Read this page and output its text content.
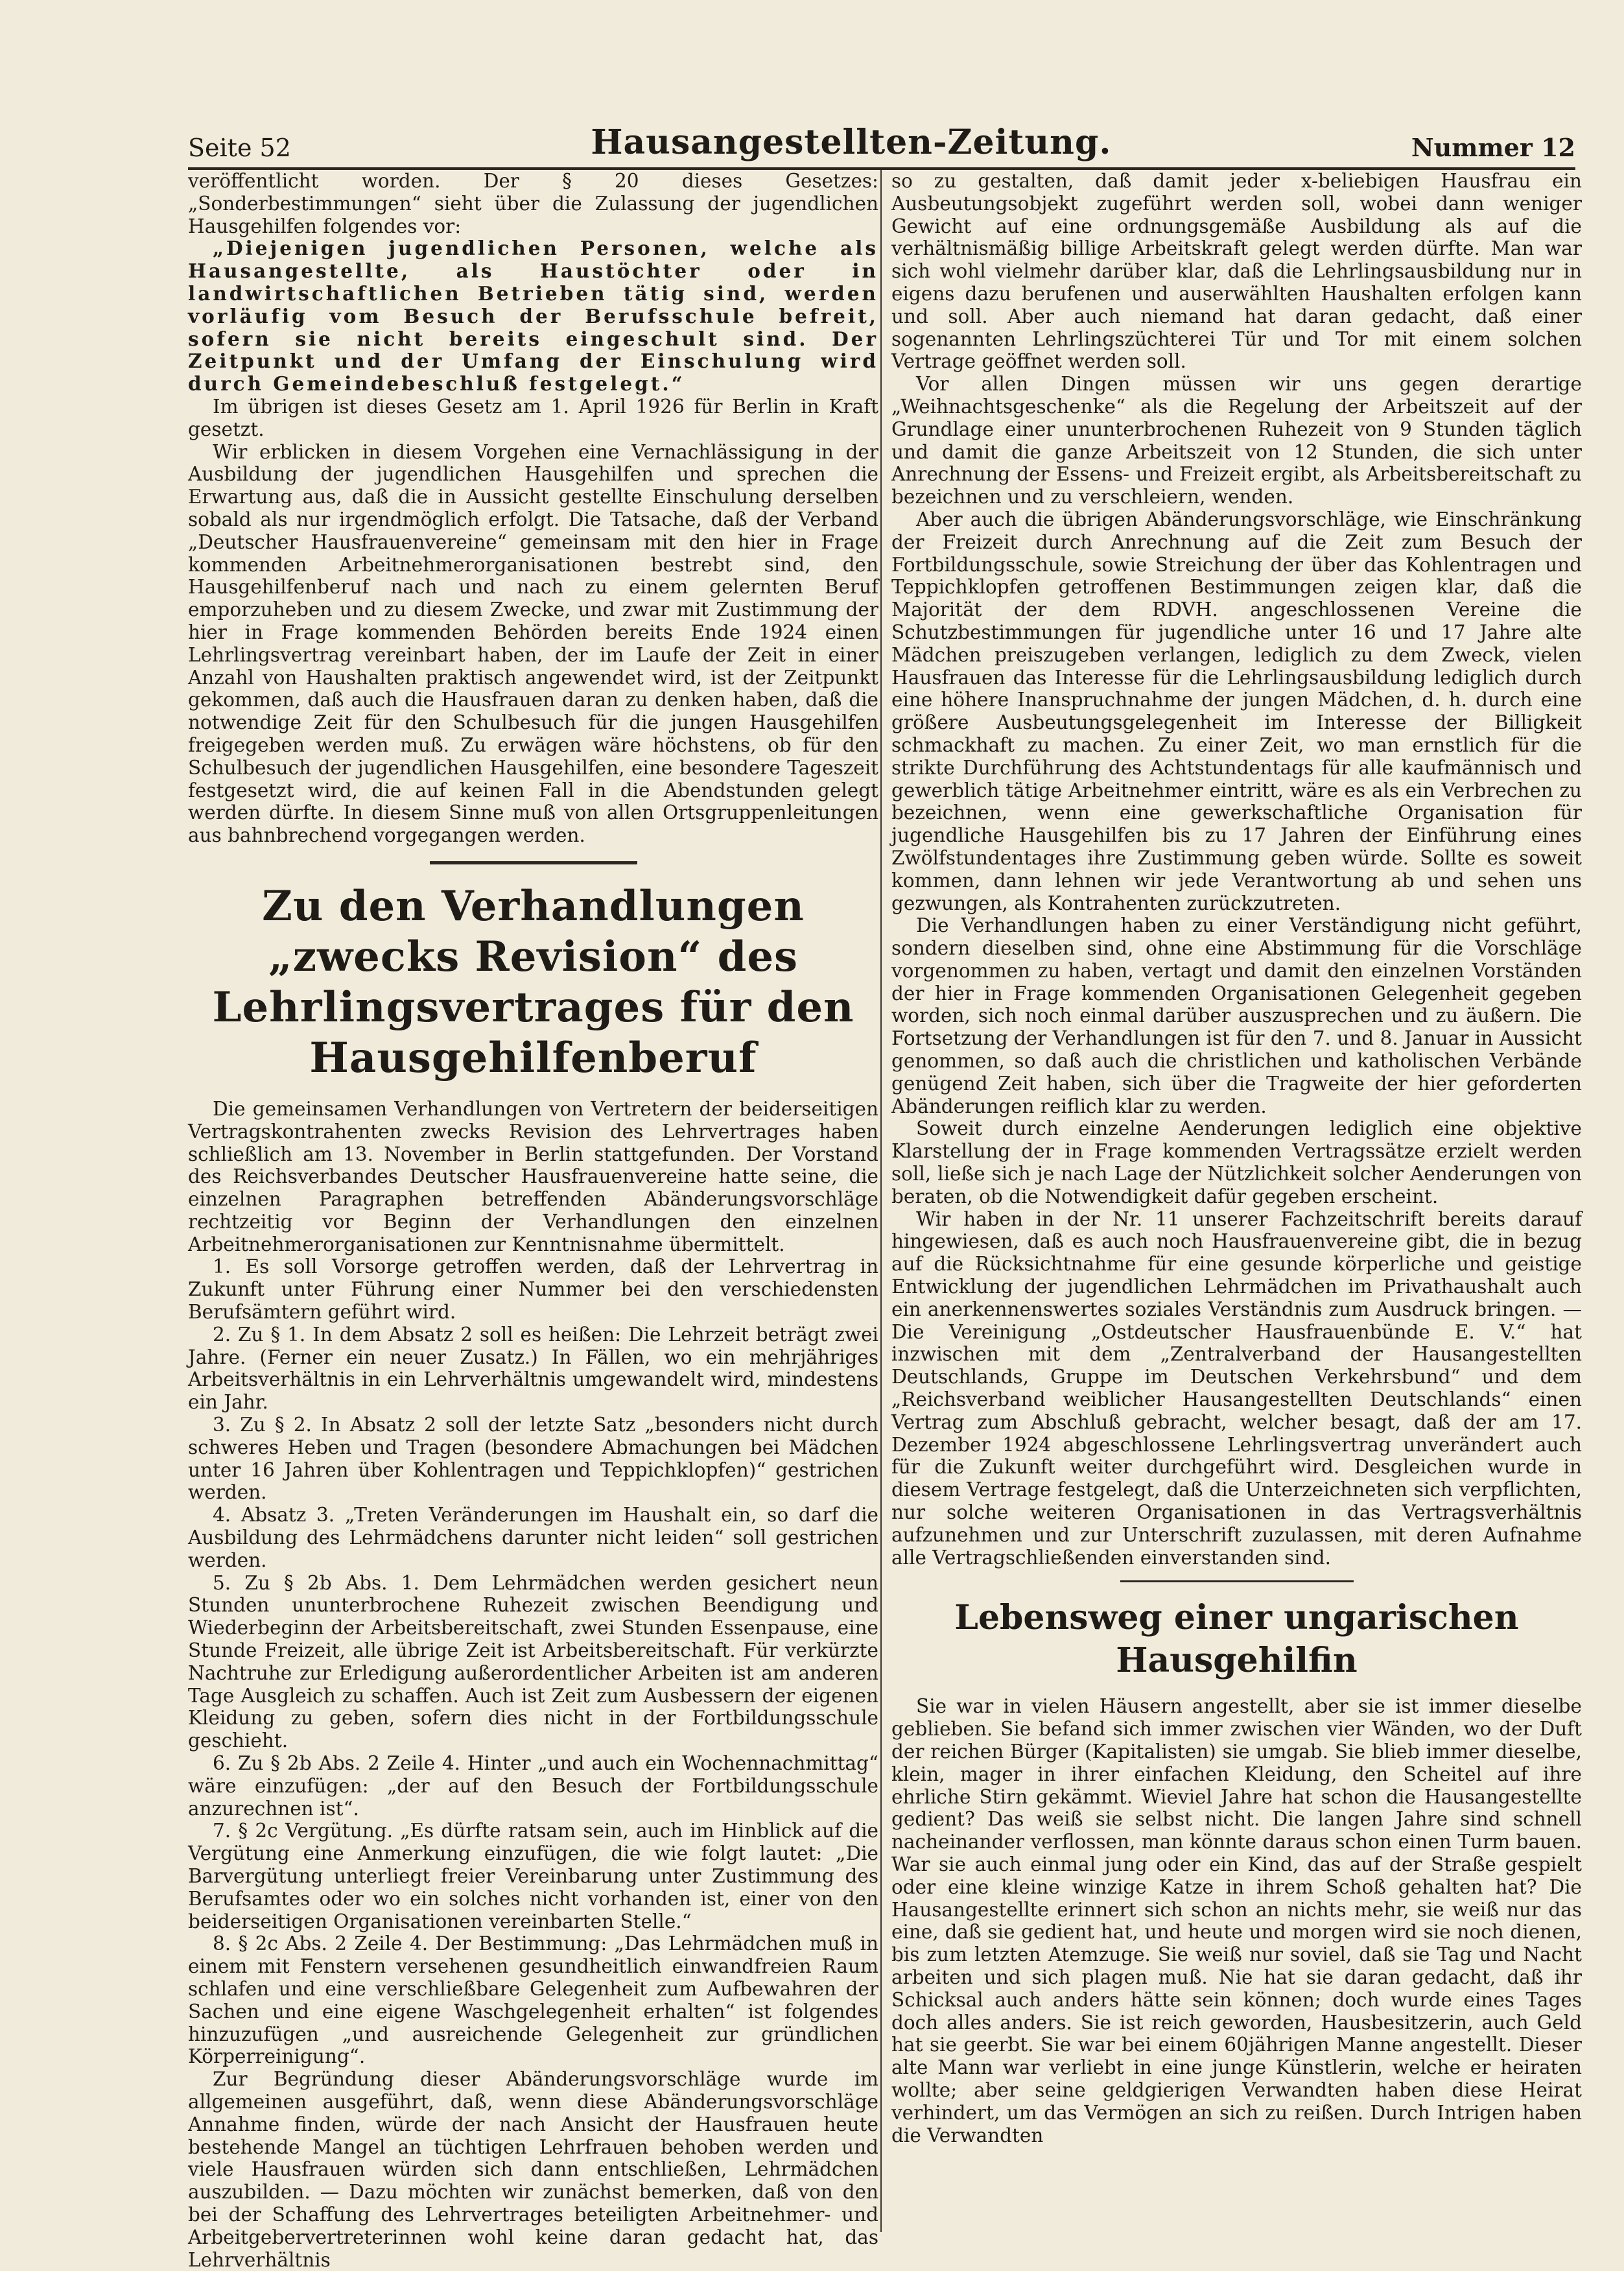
Seite 52	Hausangestellten-Zeitung.	Nummer 12

veröffentlicht worden. Der § 20 dieses Gesetzes: „Sonderbestimmungen“ sieht über die Zulassung der jugendlichen Hausgehilfen folgendes vor:

„Diejenigen jugendlichen Personen, welche als Hausangestellte, als Haustöchter oder in landwirtschaftlichen Betrieben tätig sind, werden vorläufig vom Besuch der Berufsschule befreit, sofern sie nicht bereits eingeschult sind. Der Zeitpunkt und der Umfang der Einschulung wird durch Gemeindebeschluß festgelegt.“

Im übrigen ist dieses Gesetz am 1. April 1926 für Berlin in Kraft gesetzt.

Wir erblicken in diesem Vorgehen eine Vernachlässigung in der Ausbildung der jugendlichen Hausgehilfen und sprechen die Erwartung aus, daß die in Aussicht gestellte Einschulung derselben sobald als nur irgendmöglich erfolgt. Die Tatsache, daß der Verband „Deutscher Hausfrauenvereine“ gemeinsam mit den hier in Frage kommenden Arbeitnehmerorganisationen bestrebt sind, den Hausgehilfenberuf nach und nach zu einem gelernten Beruf emporzuheben und zu diesem Zwecke, und zwar mit Zustimmung der hier in Frage kommenden Behörden bereits Ende 1924 einen Lehrlingsvertrag vereinbart haben, der im Laufe der Zeit in einer Anzahl von Haushalten praktisch angewendet wird, ist der Zeitpunkt gekommen, daß auch die Hausfrauen daran zu denken haben, daß die notwendige Zeit für den Schulbesuch für die jungen Hausgehilfen freigegeben werden muß. Zu erwägen wäre höchstens, ob für den Schulbesuch der jugendlichen Hausgehilfen, eine besondere Tageszeit festgesetzt wird, die auf keinen Fall in die Abendstunden gelegt werden dürfte. In diesem Sinne muß von allen Ortsgruppenleitungen aus bahnbrechend vorgegangen werden.

Zu den Verhandlungen „zwecks Revision“ des Lehrlingsvertrages für den Hausgehilfenberuf

Die gemeinsamen Verhandlungen von Vertretern der beiderseitigen Vertragskontrahenten zwecks Revision des Lehrvertrages haben schließlich am 13. November in Berlin stattgefunden. Der Vorstand des Reichsverbandes Deutscher Hausfrauenvereine hatte seine, die einzelnen Paragraphen betreffenden Abänderungsvorschläge rechtzeitig vor Beginn der Verhandlungen den einzelnen Arbeitnehmerorganisationen zur Kenntnisnahme übermittelt.

1. Es soll Vorsorge getroffen werden, daß der Lehrvertrag in Zukunft unter Führung einer Nummer bei den verschiedensten Berufsämtern geführt wird.

2. Zu § 1. In dem Absatz 2 soll es heißen: Die Lehrzeit beträgt zwei Jahre. (Ferner ein neuer Zusatz.) In Fällen, wo ein mehrjähriges Arbeitsverhältnis in ein Lehrverhältnis umgewandelt wird, mindestens ein Jahr.

3. Zu § 2. In Absatz 2 soll der letzte Satz „besonders nicht durch schweres Heben und Tragen (besondere Abmachungen bei Mädchen unter 16 Jahren über Kohlentragen und Teppichklopfen)“ gestrichen werden.

4. Absatz 3. „Treten Veränderungen im Haushalt ein, so darf die Ausbildung des Lehrmädchens darunter nicht leiden“ soll gestrichen werden.

5. Zu § 2b Abs. 1. Dem Lehrmädchen werden gesichert neun Stunden ununterbrochene Ruhezeit zwischen Beendigung und Wiederbeginn der Arbeitsbereitschaft, zwei Stunden Essenpause, eine Stunde Freizeit, alle übrige Zeit ist Arbeitsbereitschaft. Für verkürzte Nachtruhe zur Erledigung außerordentlicher Arbeiten ist am anderen Tage Ausgleich zu schaffen. Auch ist Zeit zum Ausbessern der eigenen Kleidung zu geben, sofern dies nicht in der Fortbildungsschule geschieht.

6. Zu § 2b Abs. 2 Zeile 4. Hinter „und auch ein Wochennachmittag“ wäre einzufügen: „der auf den Besuch der Fortbildungsschule anzurechnen ist“.

7. § 2c Vergütung. „Es dürfte ratsam sein, auch im Hinblick auf die Vergütung eine Anmerkung einzufügen, die wie folgt lautet: „Die Barvergütung unterliegt freier Vereinbarung unter Zustimmung des Berufsamtes oder wo ein solches nicht vorhanden ist, einer von den beiderseitigen Organisationen vereinbarten Stelle.“

8. § 2c Abs. 2 Zeile 4. Der Bestimmung: „Das Lehrmädchen muß in einem mit Fenstern versehenen gesundheitlich einwandfreien Raum schlafen und eine verschließbare Gelegenheit zum Aufbewahren der Sachen und eine eigene Waschgelegenheit erhalten“ ist folgendes hinzuzufügen „und ausreichende Gelegenheit zur gründlichen Körperreinigung“.

Zur Begründung dieser Abänderungsvorschläge wurde im allgemeinen ausgeführt, daß, wenn diese Abänderungsvorschläge Annahme finden, würde der nach Ansicht der Hausfrauen heute bestehende Mangel an tüchtigen Lehrfrauen behoben werden und viele Hausfrauen würden sich dann entschließen, Lehrmädchen auszubilden. — Dazu möchten wir zunächst bemerken, daß von den bei der Schaffung des Lehrvertrages beteiligten Arbeitnehmer- und Arbeitgebervertreterinnen wohl keine daran gedacht hat, das Lehrverhältnis

so zu gestalten, daß damit jeder x-beliebigen Hausfrau ein Ausbeutungsobjekt zugeführt werden soll, wobei dann weniger Gewicht auf eine ordnungsgemäße Ausbildung als auf die verhältnismäßig billige Arbeitskraft gelegt werden dürfte. Man war sich wohl vielmehr darüber klar, daß die Lehrlingsausbildung nur in eigens dazu berufenen und auserwählten Haushalten erfolgen kann und soll. Aber auch niemand hat daran gedacht, daß einer sogenannten Lehrlingszüchterei Tür und Tor mit einem solchen Vertrage geöffnet werden soll.

Vor allen Dingen müssen wir uns gegen derartige „Weihnachtsgeschenke“ als die Regelung der Arbeitszeit auf der Grundlage einer ununterbrochenen Ruhezeit von 9 Stunden täglich und damit die ganze Arbeitszeit von 12 Stunden, die sich unter Anrechnung der Essens- und Freizeit ergibt, als Arbeitsbereitschaft zu bezeichnen und zu verschleiern, wenden.

Aber auch die übrigen Abänderungsvorschläge, wie Einschränkung der Freizeit durch Anrechnung auf die Zeit zum Besuch der Fortbildungsschule, sowie Streichung der über das Kohlentragen und Teppichklopfen getroffenen Bestimmungen zeigen klar, daß die Majorität der dem RDVH. angeschlossenen Vereine die Schutzbestimmungen für jugendliche unter 16 und 17 Jahre alte Mädchen preiszugeben verlangen, lediglich zu dem Zweck, vielen Hausfrauen das Interesse für die Lehrlingsausbildung lediglich durch eine höhere Inanspruchnahme der jungen Mädchen, d. h. durch eine größere Ausbeutungsgelegenheit im Interesse der Billigkeit schmackhaft zu machen. Zu einer Zeit, wo man ernstlich für die strikte Durchführung des Achtstundentags für alle kaufmännisch und gewerblich tätige Arbeitnehmer eintritt, wäre es als ein Verbrechen zu bezeichnen, wenn eine gewerkschaftliche Organisation für jugendliche Hausgehilfen bis zu 17 Jahren der Einführung eines Zwölfstundentages ihre Zustimmung geben würde. Sollte es soweit kommen, dann lehnen wir jede Verantwortung ab und sehen uns gezwungen, als Kontrahenten zurückzutreten.

Die Verhandlungen haben zu einer Verständigung nicht geführt, sondern dieselben sind, ohne eine Abstimmung für die Vorschläge vorgenommen zu haben, vertagt und damit den einzelnen Vorständen der hier in Frage kommenden Organisationen Gelegenheit gegeben worden, sich noch einmal darüber auszusprechen und zu äußern. Die Fortsetzung der Verhandlungen ist für den 7. und 8. Januar in Aussicht genommen, so daß auch die christlichen und katholischen Verbände genügend Zeit haben, sich über die Tragweite der hier geforderten Abänderungen reiflich klar zu werden.

Soweit durch einzelne Aenderungen lediglich eine objektive Klarstellung der in Frage kommenden Vertragssätze erzielt werden soll, ließe sich je nach Lage der Nützlichkeit solcher Aenderungen von beraten, ob die Notwendigkeit dafür gegeben erscheint.

Wir haben in der Nr. 11 unserer Fachzeitschrift bereits darauf hingewiesen, daß es auch noch Hausfrauenvereine gibt, die in bezug auf die Rücksichtnahme für eine gesunde körperliche und geistige Entwicklung der jugendlichen Lehrmädchen im Privathaushalt auch ein anerkennenswertes soziales Verständnis zum Ausdruck bringen. — Die Vereinigung „Ostdeutscher Hausfrauenbünde E. V.“ hat inzwischen mit dem „Zentralverband der Hausangestellten Deutschlands, Gruppe im Deutschen Verkehrsbund“ und dem „Reichsverband weiblicher Hausangestellten Deutschlands“ einen Vertrag zum Abschluß gebracht, welcher besagt, daß der am 17. Dezember 1924 abgeschlossene Lehrlingsvertrag unverändert auch für die Zukunft weiter durchgeführt wird. Desgleichen wurde in diesem Vertrage festgelegt, daß die Unterzeichneten sich verpflichten, nur solche weiteren Organisationen in das Vertragsverhältnis aufzunehmen und zur Unterschrift zuzulassen, mit deren Aufnahme alle Vertragschließenden einverstanden sind.

Lebensweg einer ungarischen Hausgehilfin

Sie war in vielen Häusern angestellt, aber sie ist immer dieselbe geblieben. Sie befand sich immer zwischen vier Wänden, wo der Duft der reichen Bürger (Kapitalisten) sie umgab. Sie blieb immer dieselbe, klein, mager in ihrer einfachen Kleidung, den Scheitel auf ihre ehrliche Stirn gekämmt. Wieviel Jahre hat schon die Hausangestellte gedient? Das weiß sie selbst nicht. Die langen Jahre sind schnell nacheinander verflossen, man könnte daraus schon einen Turm bauen. War sie auch einmal jung oder ein Kind, das auf der Straße gespielt oder eine kleine winzige Katze in ihrem Schoß gehalten hat? Die Hausangestellte erinnert sich schon an nichts mehr, sie weiß nur das eine, daß sie gedient hat, und heute und morgen wird sie noch dienen, bis zum letzten Atemzuge. Sie weiß nur soviel, daß sie Tag und Nacht arbeiten und sich plagen muß. Nie hat sie daran gedacht, daß ihr Schicksal auch anders hätte sein können; doch wurde eines Tages doch alles anders. Sie ist reich geworden, Hausbesitzerin, auch Geld hat sie geerbt. Sie war bei einem 60jährigen Manne angestellt. Dieser alte Mann war verliebt in eine junge Künstlerin, welche er heiraten wollte; aber seine geldgierigen Verwandten haben diese Heirat verhindert, um das Vermögen an sich zu reißen. Durch Intrigen haben die Verwandten
